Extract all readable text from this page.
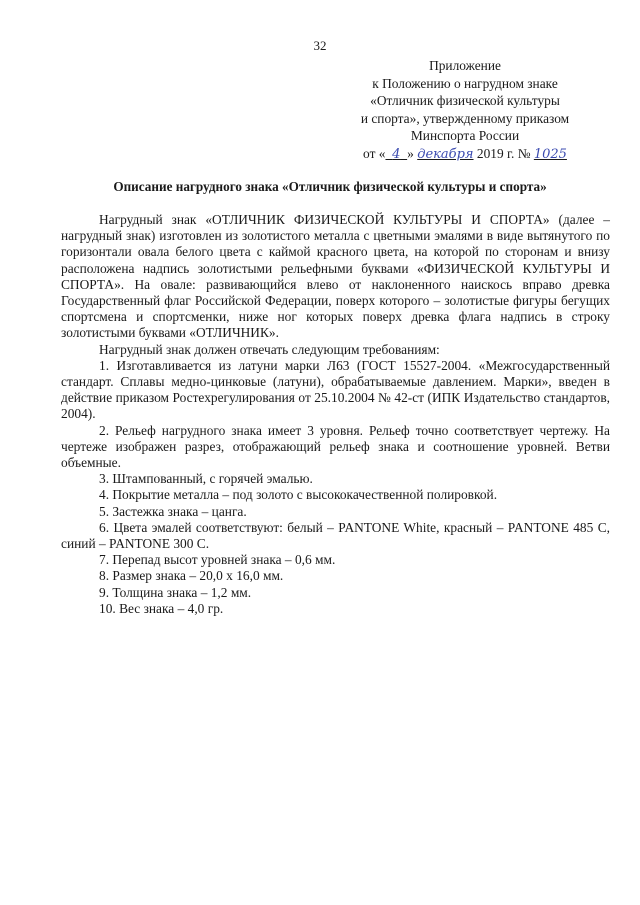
32
Приложение
к Положению о нагрудном знаке
«Отличник физической культуры
и спорта», утвержденному приказом
Минспорта России
от « 4 » декабря 2019 г. № 1025
Описание нагрудного знака «Отличник физической культуры и спорта»

Нагрудный знак «ОТЛИЧНИК ФИЗИЧЕСКОЙ КУЛЬТУРЫ И СПОРТА» (далее – нагрудный знак) изготовлен из золотистого металла с цветными эмалями в виде вытянутого по горизонтали овала белого цвета с каймой красного цвета, на которой по сторонам и внизу расположена надпись золотистыми рельефными буквами «ФИЗИЧЕСКОЙ КУЛЬТУРЫ И СПОРТА». На овале: развивающийся влево от наклоненного наискось вправо древка Государственный флаг Российской Федерации, поверх которого – золотистые фигуры бегущих спортсмена и спортсменки, ниже ног которых поверх древка флага надпись в строку золотистыми буквами «ОТЛИЧНИК».

Нагрудный знак должен отвечать следующим требованиям:

1. Изготавливается из латуни марки Л63 (ГОСТ 15527-2004. «Межгосударственный стандарт. Сплавы медно-цинковые (латуни), обрабатываемые давлением. Марки», введен в действие приказом Ростехрегулирования от 25.10.2004 № 42-ст (ИПК Издательство стандартов, 2004).

2. Рельеф нагрудного знака имеет 3 уровня. Рельеф точно соответствует чертежу. На чертеже изображен разрез, отображающий рельеф знака и соотношение уровней. Ветви объемные.

3. Штампованный, с горячей эмалью.

4. Покрытие металла – под золото с высококачественной полировкой.

5. Застежка знака – цанга.

6. Цвета эмалей соответствуют: белый – PANTONE White, красный – PANTONE 485 C, синий – PANTONE 300 C.

7. Перепад высот уровней знака – 0,6 мм.

8. Размер знака – 20,0 х 16,0 мм.

9. Толщина знака – 1,2 мм.

10. Вес знака – 4,0 гр.
